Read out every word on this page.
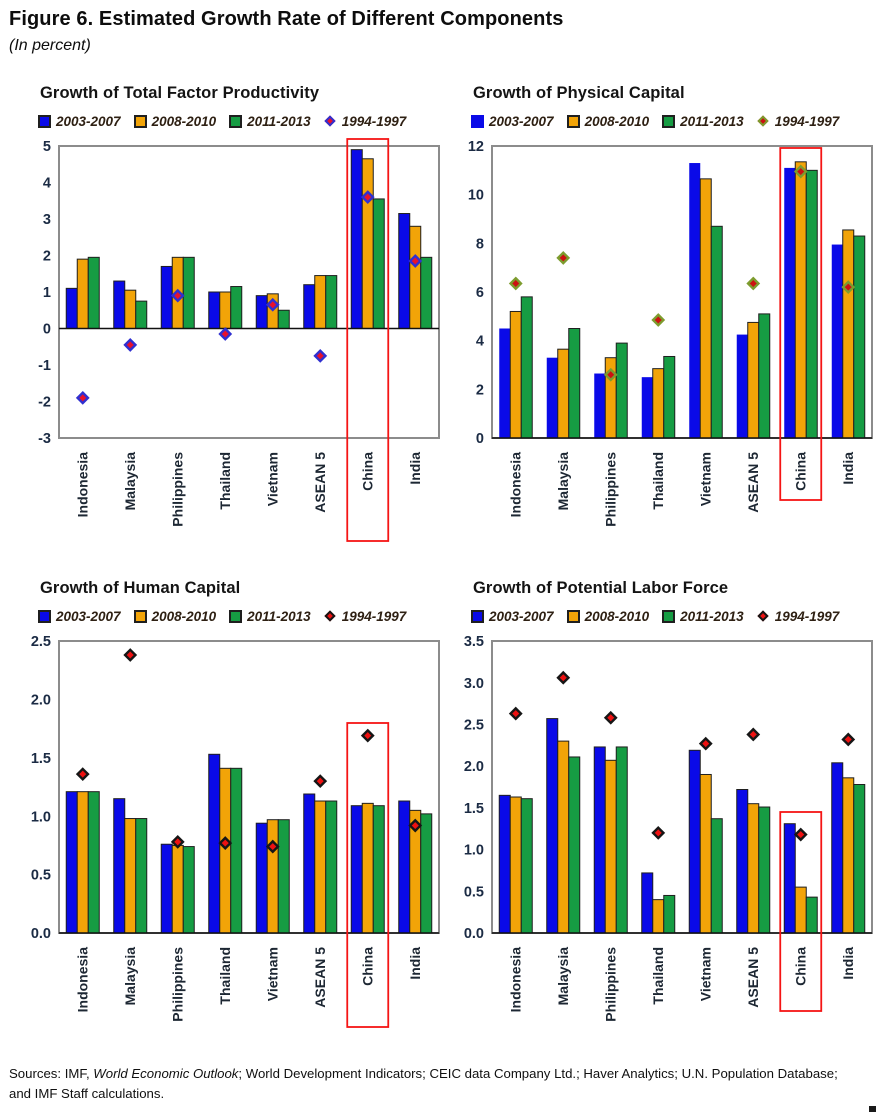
Figure 6. Estimated Growth Rate of Different Components
(In percent)
Growth of Total Factor Productivity
2003-2007 2008-2010 2011-2013 1994-1997
5
4
3
2
1
0
-1
-2
-3
Indonesia Malaysia Philippines Thailand Vietnam ASEAN 5 China India
Growth of Physical Capital
2003-2007 2008-2010 2011-2013 1994-1997
12
10
8
6
4
2
0
Indonesia Malaysia Philippines Thailand Vietnam ASEAN 5 China India
Growth of Human Capital
2003-2007 2008-2010 2011-2013 1994-1997
2.5
2.0
1.5
1.0
0.5
0.0
Indonesia Malaysia Philippines Thailand Vietnam ASEAN 5 China India
Growth of Potential Labor Force
2003-2007 2008-2010 2011-2013 1994-1997
3.5
3.0
2.5
2.0
1.5
1.0
0.5
0.0
Indonesia Malaysia Philippines Thailand Vietnam ASEAN 5 China India
Sources: IMF, World Economic Outlook; World Development Indicators; CEIC data Company Ltd.; Haver Analytics; U.N. Population Database; and IMF Staff calculations.
